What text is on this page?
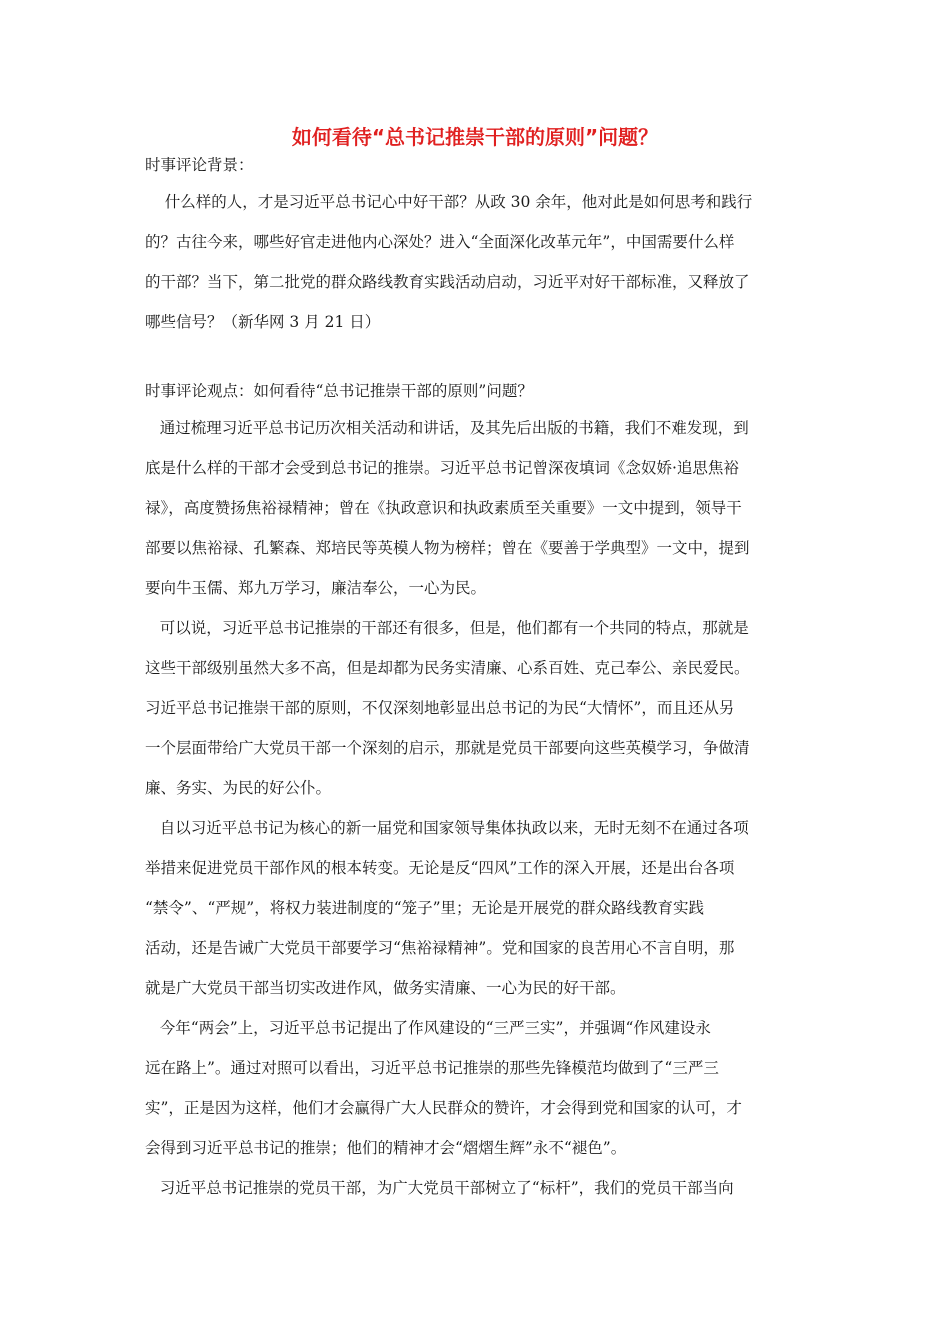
如何看待“总书记推崇干部的原则”问题？
时事评论背景：
什么样的人，才是习近平总书记心中好干部？从政 30 余年，他对此是如何思考和践行
的？古往今来，哪些好官走进他内心深处？进入“全面深化改革元年”，中国需要什么样
的干部？当下，第二批党的群众路线教育实践活动启动，习近平对好干部标准，又释放了
哪些信号？（新华网 3 月 21 日）
时事评论观点：如何看待“总书记推崇干部的原则”问题？
通过梳理习近平总书记历次相关活动和讲话，及其先后出版的书籍，我们不难发现，到
底是什么样的干部才会受到总书记的推崇。习近平总书记曾深夜填词《念奴娇·追思焦裕
禄》，高度赞扬焦裕禄精神；曾在《执政意识和执政素质至关重要》一文中提到，领导干
部要以焦裕禄、孔繁森、郑培民等英模人物为榜样；曾在《要善于学典型》一文中，提到
要向牛玉儒、郑九万学习，廉洁奉公，一心为民。
可以说，习近平总书记推崇的干部还有很多，但是，他们都有一个共同的特点，那就是
这些干部级别虽然大多不高，但是却都为民务实清廉、心系百姓、克己奉公、亲民爱民。
习近平总书记推崇干部的原则，不仅深刻地彰显出总书记的为民“大情怀”，而且还从另
一个层面带给广大党员干部一个深刻的启示，那就是党员干部要向这些英模学习，争做清
廉、务实、为民的好公仆。
自以习近平总书记为核心的新一届党和国家领导集体执政以来，无时无刻不在通过各项
举措来促进党员干部作风的根本转变。无论是反“四风”工作的深入开展，还是出台各项
“禁令”、“严规”，将权力装进制度的“笼子”里；无论是开展党的群众路线教育实践
活动，还是告诫广大党员干部要学习“焦裕禄精神”。党和国家的良苦用心不言自明，那
就是广大党员干部当切实改进作风，做务实清廉、一心为民的好干部。
今年“两会”上，习近平总书记提出了作风建设的“三严三实”，并强调“作风建设永
远在路上”。通过对照可以看出，习近平总书记推崇的那些先锋模范均做到了“三严三
实”，正是因为这样，他们才会赢得广大人民群众的赞许，才会得到党和国家的认可，才
会得到习近平总书记的推崇；他们的精神才会“熠熠生辉”永不“褪色”。
习近平总书记推崇的党员干部，为广大党员干部树立了“标杆”，我们的党员干部当向
